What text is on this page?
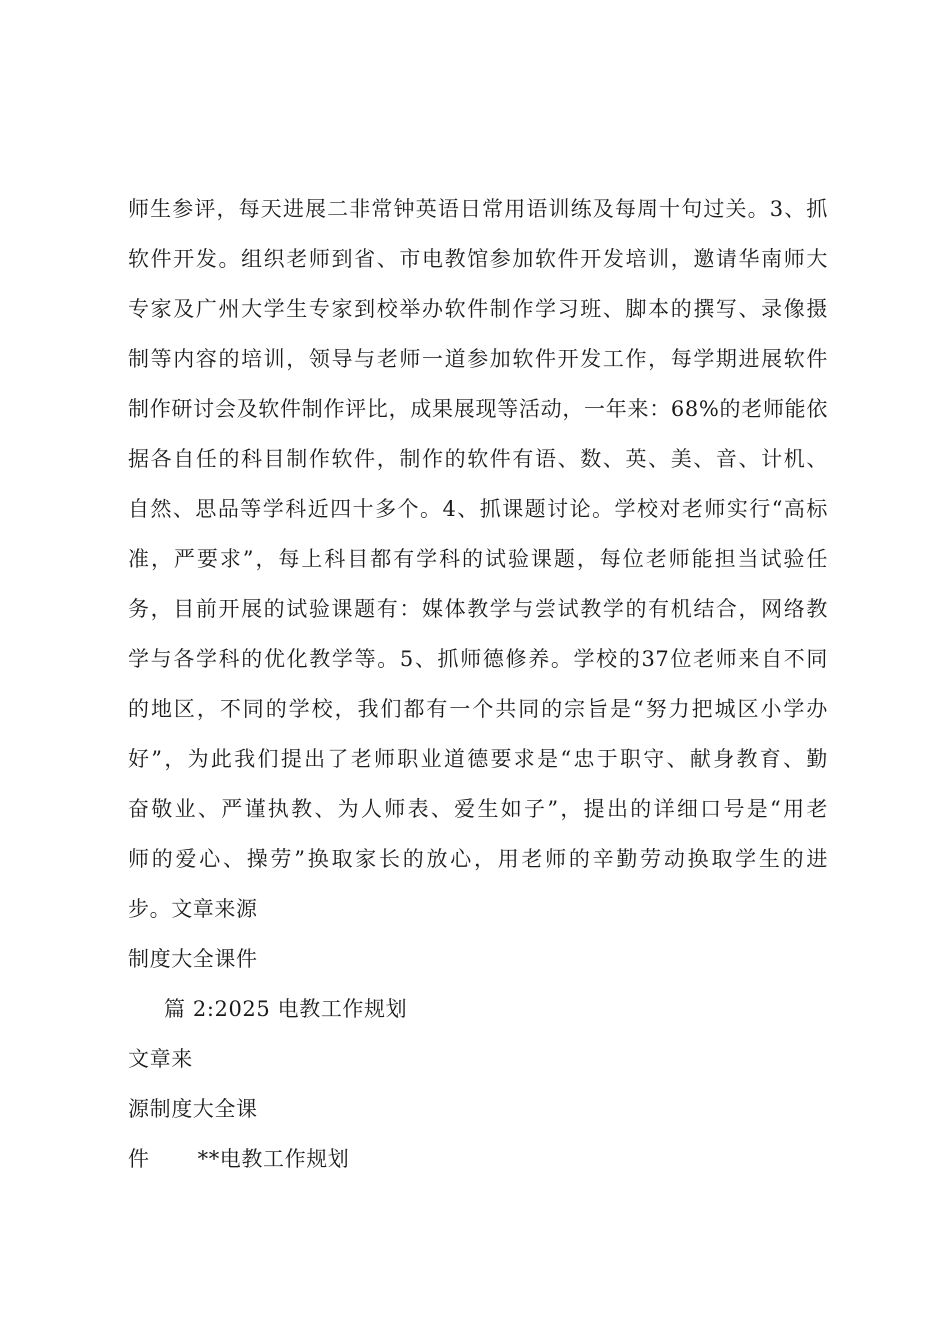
师生参评，每天进展二非常钟英语日常用语训练及每周十句过关。3、抓
软件开发。组织老师到省、市电教馆参加软件开发培训，邀请华南师大
专家及广州大学生专家到校举办软件制作学习班、脚本的撰写、录像摄
制等内容的培训，领导与老师一道参加软件开发工作，每学期进展软件
制作研讨会及软件制作评比，成果展现等活动，一年来：68%的老师能依
据各自任的科目制作软件，制作的软件有语、数、英、美、音、计机、
自然、思品等学科近四十多个。4、抓课题讨论。学校对老师实行“高标
准，严要求”，每上科目都有学科的试验课题，每位老师能担当试验任
务，目前开展的试验课题有：媒体教学与尝试教学的有机结合，网络教
学与各学科的优化教学等。5、抓师德修养。学校的37位老师来自不同
的地区，不同的学校，我们都有一个共同的宗旨是“努力把城区小学办
好”，为此我们提出了老师职业道德要求是“忠于职守、献身教育、勤
奋敬业、严谨执教、为人师表、爱生如子”，提出的详细口号是“用老
师的爱心、操劳”换取家长的放心，用老师的辛勤劳动换取学生的进
步。文章来源
制度大全课件
篇 2:2025 电教工作规划
文章来
源制度大全课
件 **电教工作规划
